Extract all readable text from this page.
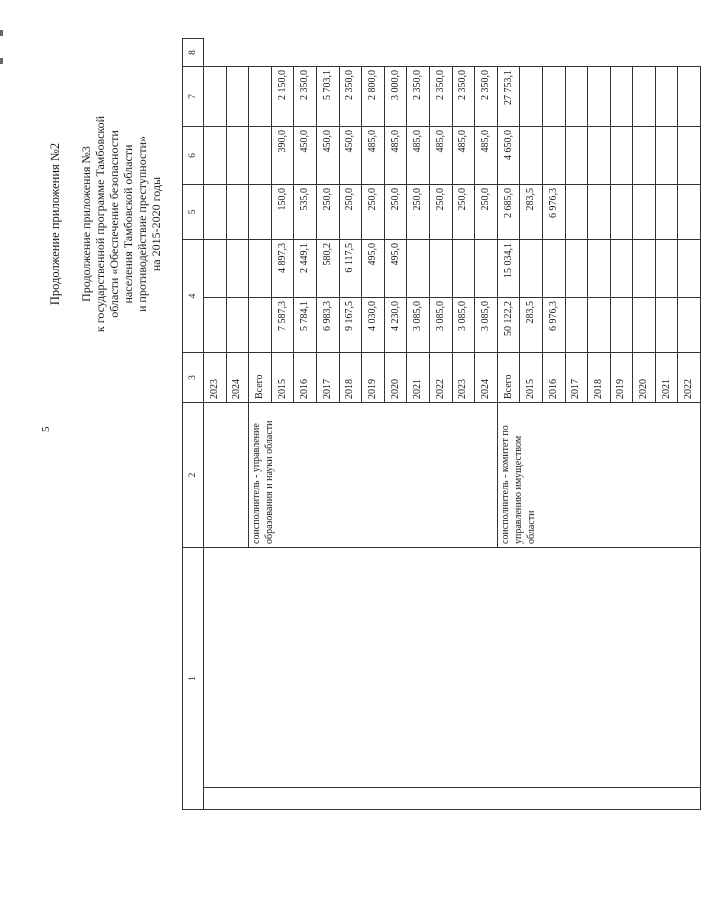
5
Продолжение приложения №2 Продолжение приложения №3 к государственной программе Тамбовской области «Обеспечение безопасности населения Тамбовской области и противодействие преступности» на 2015-2020 годы
1		2	3	4		5	6	7	8
			2023						
			2024						
		соисполнитель - управление образования и науки области	Всего						
			2015	7 587,3	4 897,3	150,0	390,0	2 150,0	
			2016	5 784,1	2 449,1	535,0	450,0	2 350,0	
			2017	6 983,3	580,2	250,0	450,0	5 703,1	
			2018	9 167,5	6 117,5	250,0	450,0	2 350,0	
			2019	4 030,0	495,0	250,0	485,0	2 800,0	
			2020	4 230,0	495,0	250,0	485,0	3 000,0	
			2021	3 085,0		250,0	485,0	2 350,0	
			2022	3 085,0		250,0	485,0	2 350,0	
			2023	3 085,0		250,0	485,0	2 350,0	
			2024	3 085,0		250,0	485,0	2 350,0	
		соисполнитель - комитет по управлению имуществом области	Всего	50 122,2	15 034,1	2 685,0	4 650,0	27 753,1	
			2015	283,5		283,5			
			2016	6 976,3		6 976,3			
			2017						
			2018						
			2019						
			2020						
			2021						
			2022						
